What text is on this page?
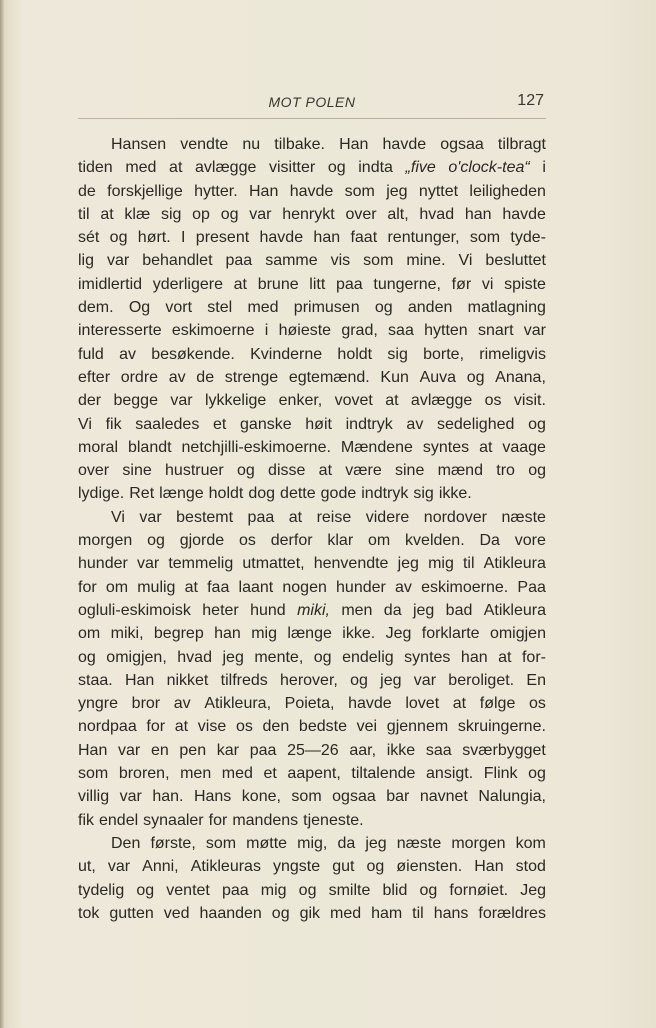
MOT POLEN	127
Hansen vendte nu tilbake. Han havde ogsaa tilbragt
tiden med at avlægge visitter og indta „five o'clock-tea“ i
de forskjellige hytter. Han havde som jeg nyttet leiligheden
til at klæ sig op og var henrykt over alt, hvad han havde
sét og hørt. I present havde han faat rentunger, som tyde-
lig var behandlet paa samme vis som mine. Vi besluttet
imidlertid yderligere at brune litt paa tungerne, før vi spiste
dem. Og vort stel med primusen og anden matlagning
interesserte eskimoerne i høieste grad, saa hytten snart var
fuld av besøkende. Kvinderne holdt sig borte, rimeligvis
efter ordre av de strenge egtemænd. Kun Auva og Anana,
der begge var lykkelige enker, vovet at avlægge os visit.
Vi fik saaledes et ganske høit indtryk av sedelighed og
moral blandt netchjilli-eskimoerne. Mændene syntes at vaage
over sine hustruer og disse at være sine mænd tro og
lydige. Ret længe holdt dog dette gode indtryk sig ikke.
Vi var bestemt paa at reise videre nordover næste
morgen og gjorde os derfor klar om kvelden. Da vore
hunder var temmelig utmattet, henvendte jeg mig til Atikleura
for om mulig at faa laant nogen hunder av eskimoerne. Paa
ogluli-eskimoisk heter hund miki, men da jeg bad Atikleura
om miki, begrep han mig længe ikke. Jeg forklarte omigjen
og omigjen, hvad jeg mente, og endelig syntes han at for-
staa. Han nikket tilfreds herover, og jeg var beroliget. En
yngre bror av Atikleura, Poieta, havde lovet at følge os
nordpaa for at vise os den bedste vei gjennem skruingerne.
Han var en pen kar paa 25—26 aar, ikke saa sværbygget
som broren, men med et aapent, tiltalende ansigt. Flink og
villig var han. Hans kone, som ogsaa bar navnet Nalungia,
fik endel synaaler for mandens tjeneste.
Den første, som møtte mig, da jeg næste morgen kom
ut, var Anni, Atikleuras yngste gut og øiensten. Han stod
tydelig og ventet paa mig og smilte blid og fornøiet. Jeg
tok gutten ved haanden og gik med ham til hans forældres
